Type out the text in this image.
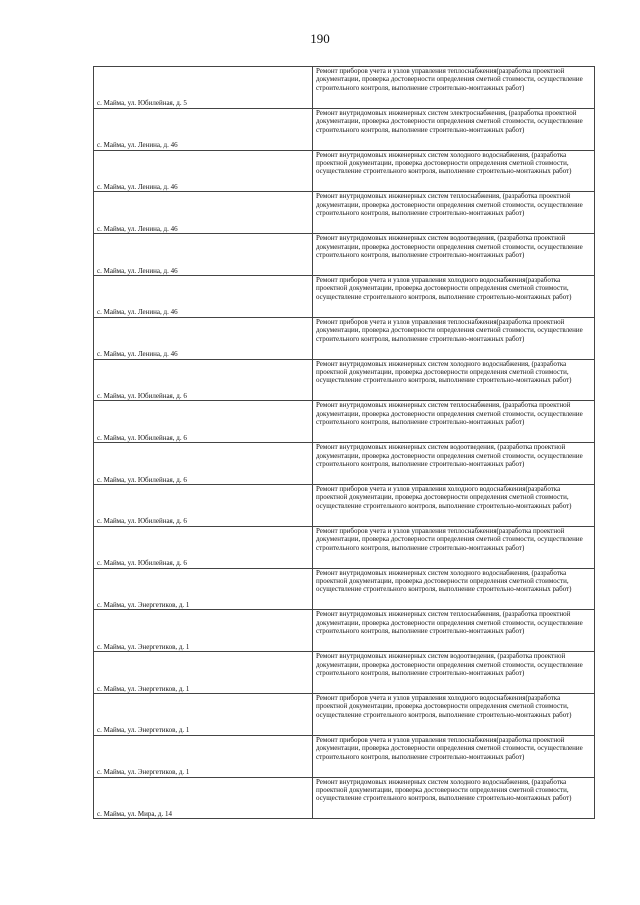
190
с. Майма, ул. Юбилейная, д. 5	Ремонт приборов учета и узлов управления теплоснабжения(разработка проектной документации, проверка достоверности определения сметной стоимости, осуществление строительного контроля, выполнение строительно-монтажных работ)
с. Майма, ул. Ленина, д. 46	Ремонт внутридомовых инженерных систем электроснабжения, (разработка проектной документации, проверка достоверности определения сметной стоимости, осуществление строительного контроля, выполнение строительно-монтажных работ)
с. Майма, ул. Ленина, д. 46	Ремонт внутридомовых инженерных систем холодного водоснабжения, (разработка проектной документации, проверка достоверности определения сметной стоимости, осуществление строительного контроля, выполнение строительно-монтажных работ)
с. Майма, ул. Ленина, д. 46	Ремонт внутридомовых инженерных систем теплоснабжения, (разработка проектной документации, проверка достоверности определения сметной стоимости, осуществление строительного контроля, выполнение строительно-монтажных работ)
с. Майма, ул. Ленина, д. 46	Ремонт внутридомовых инженерных систем водоотведения, (разработка проектной документации, проверка достоверности определения сметной стоимости, осуществление строительного контроля, выполнение строительно-монтажных работ)
с. Майма, ул. Ленина, д. 46	Ремонт приборов учета и узлов управления холодного водоснабжения(разработка проектной документации, проверка достоверности определения сметной стоимости, осуществление строительного контроля, выполнение строительно-монтажных работ)
с. Майма, ул. Ленина, д. 46	Ремонт приборов учета и узлов управления теплоснабжения(разработка проектной документации, проверка достоверности определения сметной стоимости, осуществление строительного контроля, выполнение строительно-монтажных работ)
с. Майма, ул. Юбилейная, д. 6	Ремонт внутридомовых инженерных систем холодного водоснабжения, (разработка проектной документации, проверка достоверности определения сметной стоимости, осуществление строительного контроля, выполнение строительно-монтажных работ)
с. Майма, ул. Юбилейная, д. 6	Ремонт внутридомовых инженерных систем теплоснабжения, (разработка проектной документации, проверка достоверности определения сметной стоимости, осуществление строительного контроля, выполнение строительно-монтажных работ)
с. Майма, ул. Юбилейная, д. 6	Ремонт внутридомовых инженерных систем водоотведения, (разработка проектной документации, проверка достоверности определения сметной стоимости, осуществление строительного контроля, выполнение строительно-монтажных работ)
с. Майма, ул. Юбилейная, д. 6	Ремонт приборов учета и узлов управления холодного водоснабжения(разработка проектной документации, проверка достоверности определения сметной стоимости, осуществление строительного контроля, выполнение строительно-монтажных работ)
с. Майма, ул. Юбилейная, д. 6	Ремонт приборов учета и узлов управления теплоснабжения(разработка проектной документации, проверка достоверности определения сметной стоимости, осуществление строительного контроля, выполнение строительно-монтажных работ)
с. Майма, ул. Энергетиков, д. 1	Ремонт внутридомовых инженерных систем холодного водоснабжения, (разработка проектной документации, проверка достоверности определения сметной стоимости, осуществление строительного контроля, выполнение строительно-монтажных работ)
с. Майма, ул. Энергетиков, д. 1	Ремонт внутридомовых инженерных систем теплоснабжения, (разработка проектной документации, проверка достоверности определения сметной стоимости, осуществление строительного контроля, выполнение строительно-монтажных работ)
с. Майма, ул. Энергетиков, д. 1	Ремонт внутридомовых инженерных систем водоотведения, (разработка проектной документации, проверка достоверности определения сметной стоимости, осуществление строительного контроля, выполнение строительно-монтажных работ)
с. Майма, ул. Энергетиков, д. 1	Ремонт приборов учета и узлов управления холодного водоснабжения(разработка проектной документации, проверка достоверности определения сметной стоимости, осуществление строительного контроля, выполнение строительно-монтажных работ)
с. Майма, ул. Энергетиков, д. 1	Ремонт приборов учета и узлов управления теплоснабжения(разработка проектной документации, проверка достоверности определения сметной стоимости, осуществление строительного контроля, выполнение строительно-монтажных работ)
с. Майма, ул. Мира, д. 14	Ремонт внутридомовых инженерных систем холодного водоснабжения, (разработка проектной документации, проверка достоверности определения сметной стоимости, осуществление строительного контроля, выполнение строительно-монтажных работ)
